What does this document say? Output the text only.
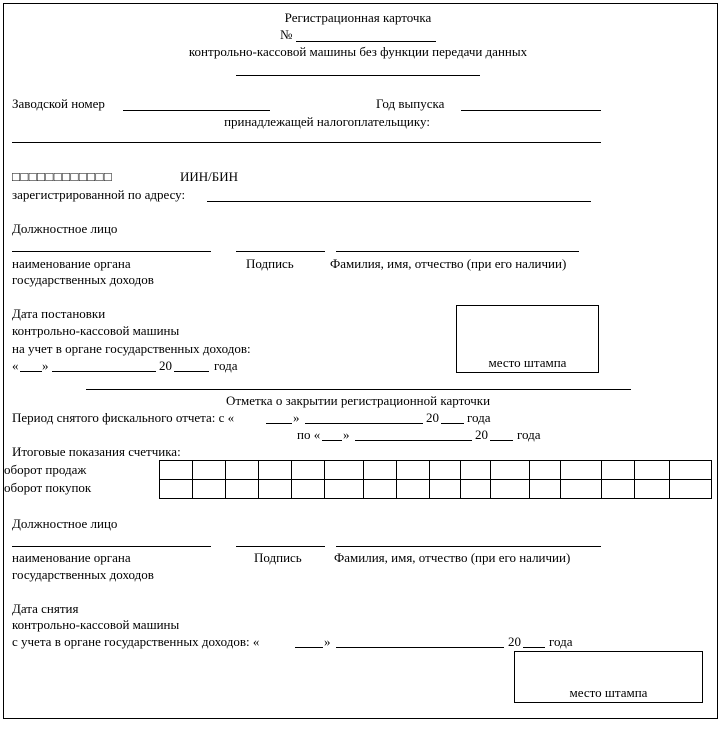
Регистрационная карточка
№
контрольно-кассовой машины без функции передачи данных
Заводской номер	Год выпуска
принадлежащей налогоплательщику:
□□□□□□□□□□□□	ИИН/БИН
зарегистрированной по адресу:
Должностное лицо
наименование органа
государственных доходов
Подпись	Фамилия, имя, отчество (при его наличии)
Дата постановки
контрольно-кассовой машины
на учет в органе государственных доходов:
« »	20	года	место штампа
Отметка о закрытии регистрационной карточки
Период снятого фискального отчета: с «	»	20 года
по « »	20 года
Итоговые показания счетчика:
оборот продаж
оборот покупок

Должностное лицо
наименование органа
государственных доходов
Подпись Фамилия, имя, отчество (при его наличии)
Дата снятия
контрольно-кассовой машины
с учета в органе государственных доходов: «	»	20 года
место штампа
